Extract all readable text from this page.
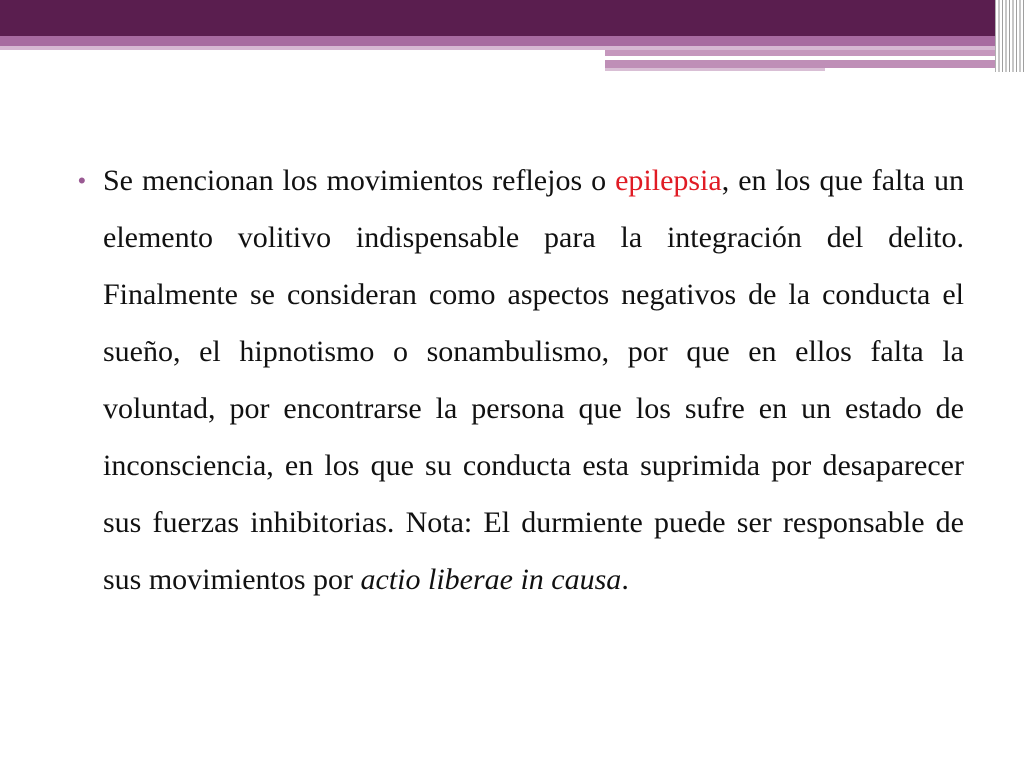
• Se mencionan los movimientos reflejos o epilepsia, en los que falta un elemento volitivo indispensable para la integración del delito. Finalmente se consideran como aspectos negativos de la conducta el sueño, el hipnotismo o sonambulismo, por que en ellos falta la voluntad, por encontrarse la persona que los sufre en un estado de inconsciencia, en los que su conducta esta suprimida por desaparecer sus fuerzas inhibitorias. Nota: El durmiente puede ser responsable de sus movimientos por actio liberae in causa.
